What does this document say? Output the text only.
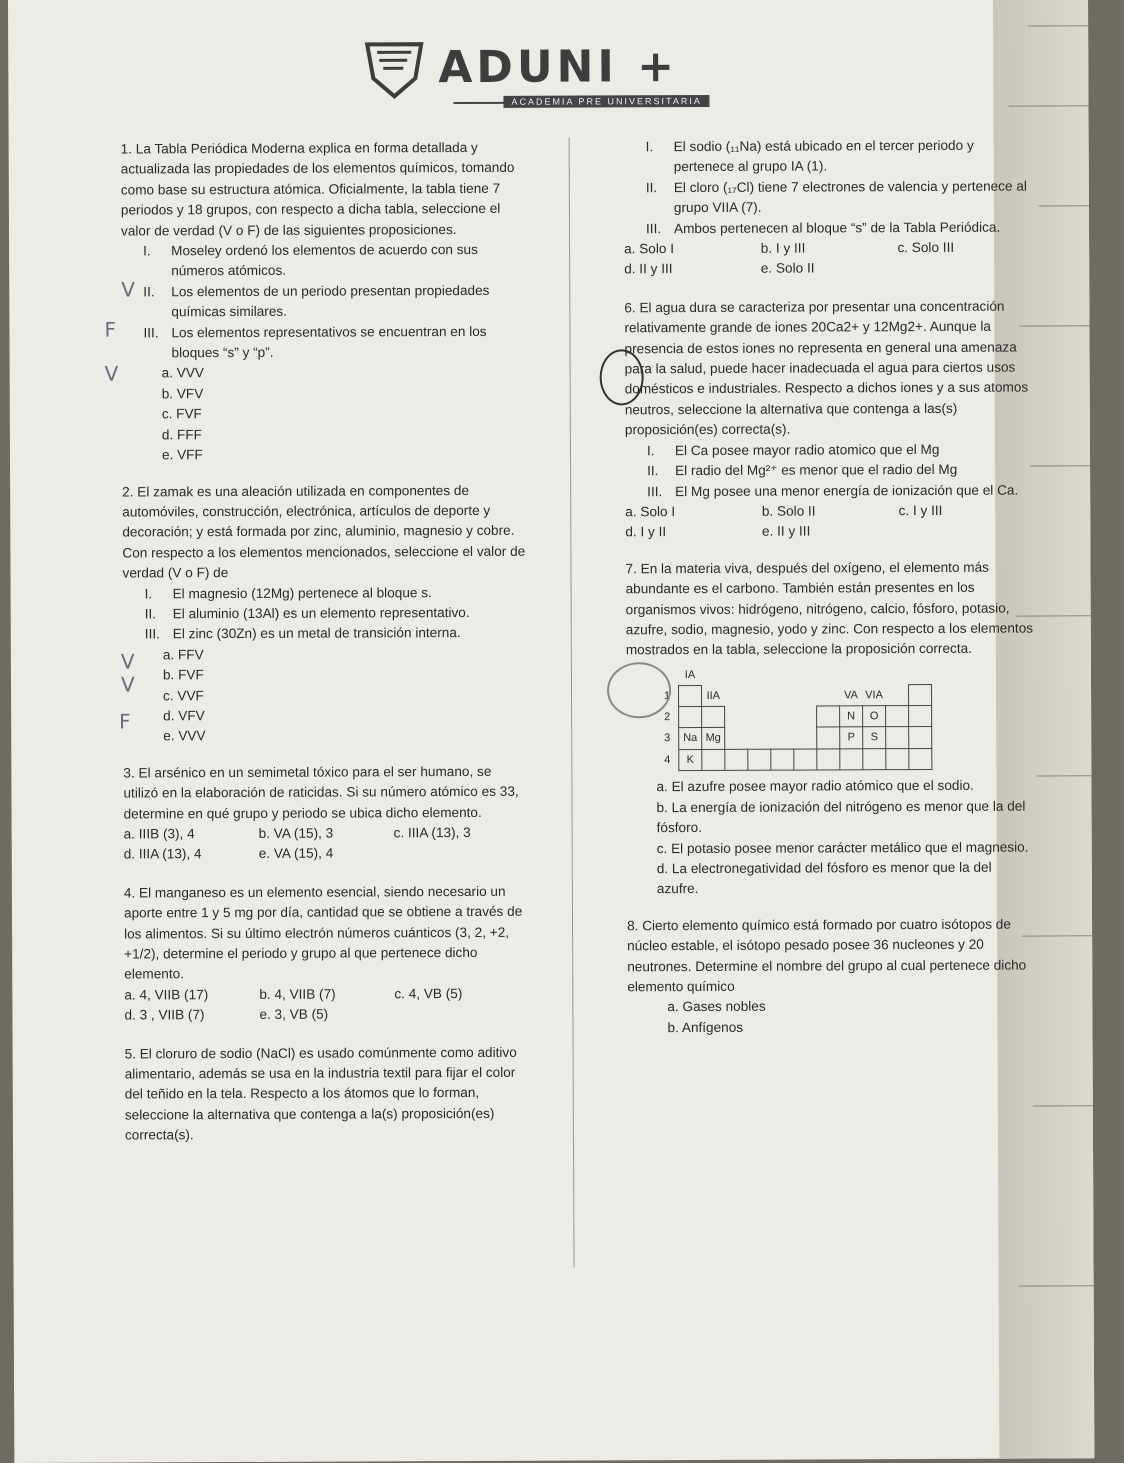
ADUNI +
ACADEMIA PRE UNIVERSITARIA
1. La Tabla Periódica Moderna explica en forma detallada y actualizada las propiedades de los elementos químicos, tomando como base su estructura atómica. Oficialmente, la tabla tiene 7 periodos y 18 grupos, con respecto a dicha tabla, seleccione el valor de verdad (V o F) de las siguientes proposiciones.
I.	Moseley ordenó los elementos de acuerdo con sus números atómicos.
II.	Los elementos de un periodo presentan propiedades químicas similares.
III. Los elementos representativos se encuentran en los bloques “s” y “p”.
a. VVV
b. VFV
c. FVF
d. FFF
e. VFF
2. El zamak es una aleación utilizada en componentes de automóviles, construcción, electrónica, artículos de deporte y decoración; y está formada por zinc, aluminio, magnesio y cobre. Con respecto a los elementos mencionados, seleccione el valor de verdad (V o F) de
I.	El magnesio (12Mg) pertenece al bloque s.
II.	El aluminio (13Al) es un elemento representativo.
III. El zinc (30Zn) es un metal de transición interna.
a. FFV
b. FVF
c. VVF
d. VFV
e. VVV
3. El arsénico en un semimetal tóxico para el ser humano, se utilizó en la elaboración de raticidas. Si su número atómico es 33, determine en qué grupo y periodo se ubica dicho elemento.
a. IIIB (3), 4	b. VA (15), 3	c. IIIA (13), 3
d. IIIA (13), 4	e. VA (15), 4
4. El manganeso es un elemento esencial, siendo necesario un aporte entre 1 y 5 mg por día, cantidad que se obtiene a través de los alimentos. Si su último electrón números cuánticos (3, 2, +2, +1/2), determine el periodo y grupo al que pertenece dicho elemento.
a. 4, VIIB (17)	b. 4, VIIB (7)	c. 4, VB (5)
d. 3 , VIIB (7)	e. 3, VB (5)
5. El cloruro de sodio (NaCl) es usado comúnmente como aditivo alimentario, además se usa en la industria textil para fijar el color del teñido en la tela. Respecto a los átomos que lo forman, seleccione la alternativa que contenga a la(s) proposición(es) correcta(s).
V
F
V
V
V
F
I.	El sodio (₁₁Na) está ubicado en el tercer periodo y pertenece al grupo IA (1).
II.	El cloro (₁₇Cl) tiene 7 electrones de valencia y pertenece al grupo VIIA (7).
III. Ambos pertenecen al bloque “s” de la Tabla Periódica.
a. Solo I	b. I y III	c. Solo III
d. II y III	e. Solo II
6. El agua dura se caracteriza por presentar una concentración relativamente grande de iones 20Ca2+ y 12Mg2+. Aunque la presencia de estos iones no representa en general una amenaza para la salud, puede hacer inadecuada el agua para ciertos usos domésticos e industriales. Respecto a dichos iones y a sus atomos neutros, seleccione la alternativa que contenga a las(s) proposición(es) correcta(s).
I.	El Ca posee mayor radio atomico que el Mg
II.	El radio del Mg²⁺ es menor que el radio del Mg
III. El Mg posee una menor energía de ionización que el Ca.
a. Solo I	b. Solo II	c. I y III
d. I y II	e. II y III
7. En la materia viva, después del oxígeno, el elemento más abundante es el carbono. También están presentes en los organismos vivos: hidrógeno, nitrógeno, calcio, fósforo, potasio, azufre, sodio, magnesio, yodo y zinc. Con respecto a los elementos mostrados en la tabla, seleccione la proposición correcta.
	IA										
1		IIA						VA	VIA		
2								N	O		
3	Na	Mg						P	S		
4	K										
a. El azufre posee mayor radio atómico que el sodio.
b. La energía de ionización del nitrógeno es menor que la del fósforo.
c. El potasio posee menor carácter metálico que el magnesio.
d. La electronegatividad del fósforo es menor que la del azufre.
8. Cierto elemento químico está formado por cuatro isótopos de núcleo estable, el isótopo pesado posee 36 nucleones y 20 neutrones. Determine el nombre del grupo al cual pertenece dicho elemento químico
a. Gases nobles
b. Anfígenos
